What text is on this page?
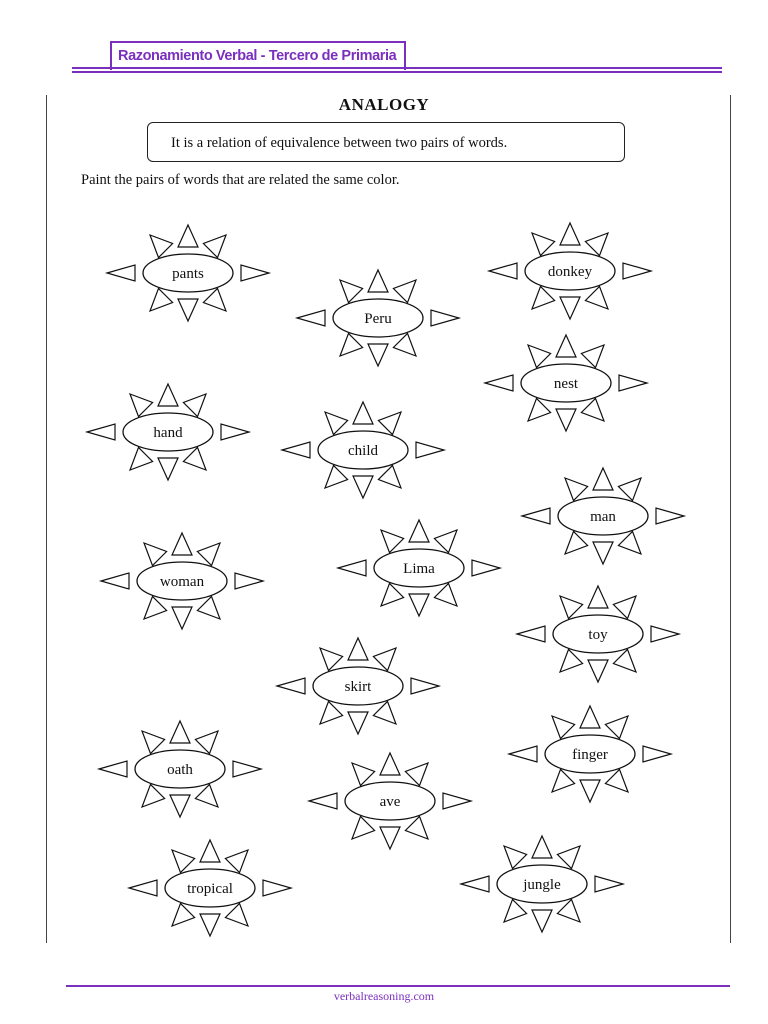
Razonamiento Verbal - Tercero de Primaria
ANALOGY
It is a relation of equivalence between two pairs of words.
Paint the pairs of words that are related the same color.
pants
Peru
donkey
nest
hand
child
man
woman
Lima
toy
skirt
finger
oath
ave
tropical	jungle
verbalreasoning.com
